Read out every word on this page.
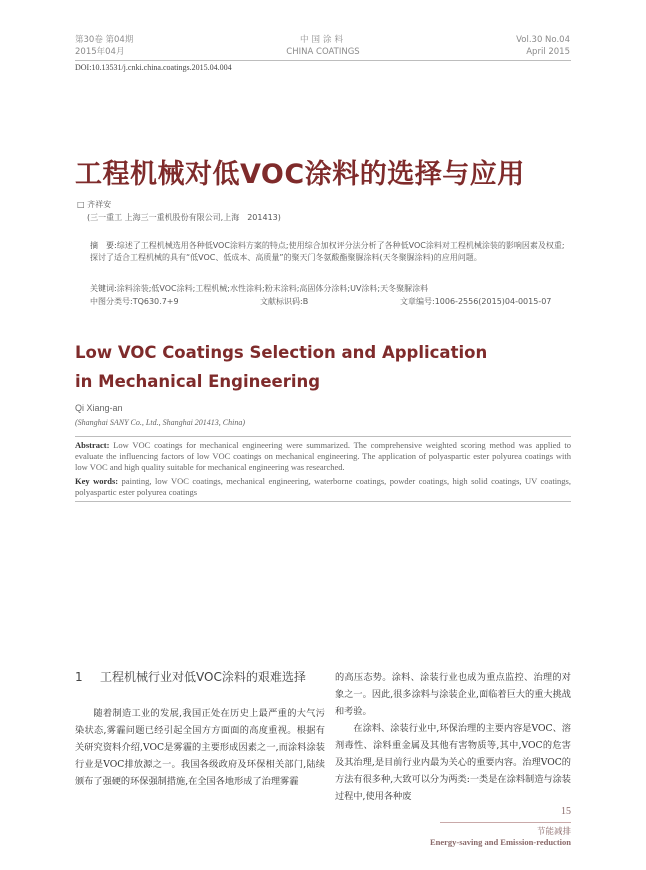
第30卷 第04期
2015年04月
中国涂料
CHINA COATINGS
Vol.30 No.04
April 2015
DOI:10.13531/j.cnki.china.coatings.2015.04.004
工程机械对低VOC涂料的选择与应用
□ 齐祥安
(三一重工 上海三一重机股份有限公司,上海　201413)
摘　要:综述了工程机械选用各种低VOC涂料方案的特点;使用综合加权评分法分析了各种低VOC涂料对工程机械涂装的影响因素及权重;探讨了适合工程机械的具有“低VOC、低成本、高质量”的聚天门冬氨酸酯聚脲涂料(天冬聚脲涂料)的应用问题。
关键词:涂料涂装;低VOC涂料;工程机械;水性涂料;粉末涂料;高固体分涂料;UV涂料;天冬聚脲涂料
中图分类号:TQ630.7+9	文献标识码:B	文章编号:1006-2556(2015)04-0015-07
Low VOC Coatings Selection and Application in Mechanical Engineering
Qi Xiang-an
(Shanghai SANY Co., Ltd., Shanghai 201413, China)
Abstract: Low VOC coatings for mechanical engineering were summarized. The comprehensive weighted scoring method was applied to evaluate the influencing factors of low VOC coatings on mechanical engineering. The application of polyaspartic ester polyurea coatings with low VOC and high quality suitable for mechanical engineering was researched.
Key words: painting, low VOC coatings, mechanical engineering, waterborne coatings, powder coatings, high solid coatings, UV coatings, polyaspartic ester polyurea coatings
1 工程机械行业对低VOC涂料的艰难选择

随着制造工业的发展,我国正处在历史上最严重的大气污染状态,雾霾问题已经引起全国方方面面的高度重视。根据有关研究资料介绍,VOC是雾霾的主要形成因素之一,而涂料涂装行业是VOC排放源之一。我国各级政府及环保相关部门,陆续颁布了强硬的环保强制措施,在全国各地形成了治理雾霾

的高压态势。涂料、涂装行业也成为重点监控、治理的对象之一。因此,很多涂料与涂装企业,面临着巨大的重大挑战和考验。

在涂料、涂装行业中,环保治理的主要内容是VOC、溶剂毒性、涂料重金属及其他有害物质等,其中,VOC的危害及其治理,是目前行业内最为关心的重要内容。治理VOC的方法有很多种,大致可以分为两类:一类是在涂料制造与涂装过程中,使用各种废

15
节能减排
Energy-saving and Emission-reduction
